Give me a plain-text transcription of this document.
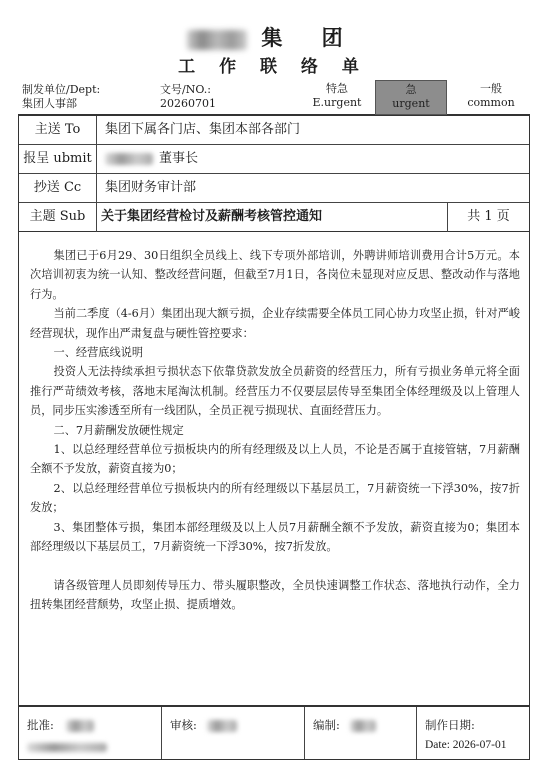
集 团
工 作 联 络 单
制发单位/Dept:
集团人事部
文号/NO.:
20260701
特急
E.urgent
急
urgent
一般
common
主送 To	集团下属各门店、集团本部各部门
报呈 ubmit	董事长
抄送 Cc	集团财务审计部
主题 Sub	关于集团经营检讨及薪酬考核管控通知	共 1 页

集团已于6月29、30日组织全员线上、线下专项外部培训，外聘讲师培训费用合计5万元。本次培训初衷为统一认知、整改经营问题，但截至7月1日，各岗位未显现对应反思、整改动作与落地行为。

当前二季度（4-6月）集团出现大额亏损，企业存续需要全体员工同心协力攻坚止损，针对严峻经营现状，现作出严肃复盘与硬性管控要求：

一、经营底线说明

投资人无法持续承担亏损状态下依靠贷款发放全员薪资的经营压力，所有亏损业务单元将全面推行严苛绩效考核，落地末尾淘汰机制。经营压力不仅要层层传导至集团全体经理级及以上管理人员，同步压实渗透至所有一线团队，全员正视亏损现状、直面经营压力。

二、7月薪酬发放硬性规定

1、以总经理经营单位亏损板块内的所有经理级及以上人员，不论是否属于直接管辖，7月薪酬全额不予发放，薪资直接为0；

2、以总经理经营单位亏损板块内的所有经理级以下基层员工，7月薪资统一下浮30%，按7折发放；

3、集团整体亏损，集团本部经理级及以上人员7月薪酬全额不予发放，薪资直接为0；集团本部经理级以下基层员工，7月薪资统一下浮30%，按7折发放。

请各级管理人员即刻传导压力、带头履职整改，全员快速调整工作状态、落地执行动作，全力扭转集团经营颓势，攻坚止损、提质增效。

批准:	审核:	编制:	制作日期:
Date: 2026-07-01
